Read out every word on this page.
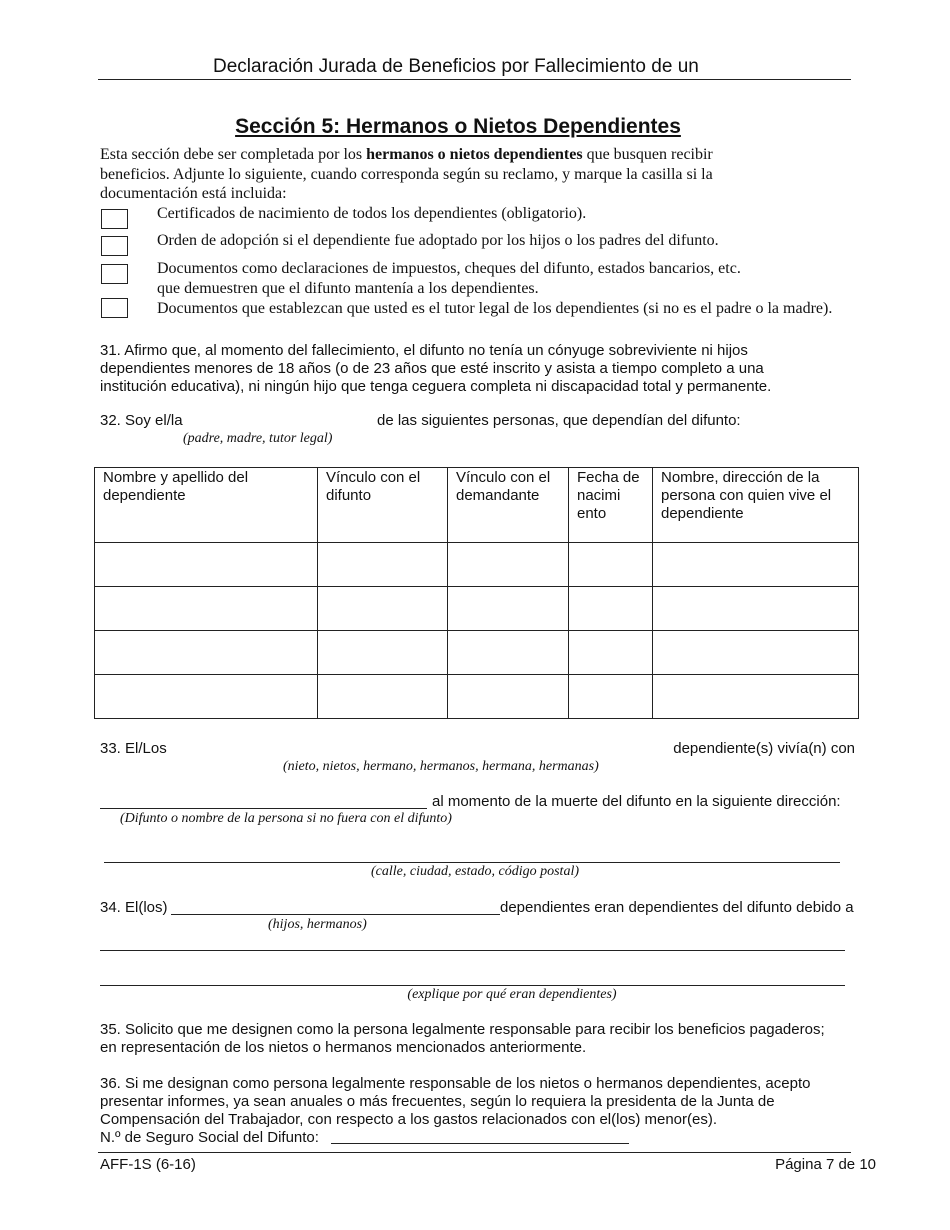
Declaración Jurada de Beneficios por Fallecimiento de un
Sección 5: Hermanos o Nietos Dependientes
Esta sección debe ser completada por los hermanos o nietos dependientes que busquen recibir
beneficios. Adjunte lo siguiente, cuando corresponda según su reclamo, y marque la casilla si la
documentación está incluida:
Certificados de nacimiento de todos los dependientes (obligatorio).
Orden de adopción si el dependiente fue adoptado por los hijos o los padres del difunto.
Documentos como declaraciones de impuestos, cheques del difunto, estados bancarios, etc.
que demuestren que el difunto mantenía a los dependientes.
Documentos que establezcan que usted es el tutor legal de los dependientes (si no es el padre o la madre).
31. Afirmo que, al momento del fallecimiento, el difunto no tenía un cónyuge sobreviviente ni hijos
dependientes menores de 18 años (o de 23 años que esté inscrito y asista a tiempo completo a una
institución educativa), ni ningún hijo que tenga ceguera completa ni discapacidad total y permanente.
32. Soy el/la	de las siguientes personas, que dependían del difunto:
(padre, madre, tutor legal)
Nombre y apellido del dependiente	Vínculo con el difunto	Vínculo con el demandante	Fecha de nacimi ento	Nombre, dirección de la persona con quien vive el dependiente

33. El/Los	dependiente(s) vivía(n) con
(nieto, nietos, hermano, hermanos, hermana, hermanas)
al momento de la muerte del difunto en la siguiente dirección:
(Difunto o nombre de la persona si no fuera con el difunto)
(calle, ciudad, estado, código postal)
34. El(los)	dependientes eran dependientes del difunto debido a
(hijos, hermanos)
(explique por qué eran dependientes)
35. Solicito que me designen como la persona legalmente responsable para recibir los beneficios pagaderos;
en representación de los nietos o hermanos mencionados anteriormente.
36. Si me designan como persona legalmente responsable de los nietos o hermanos dependientes, acepto
presentar informes, ya sean anuales o más frecuentes, según lo requiera la presidenta de la Junta de
Compensación del Trabajador, con respecto a los gastos relacionados con el(los) menor(es).
N.º de Seguro Social del Difunto:
AFF-1S (6-16)	Página 7 de 10
